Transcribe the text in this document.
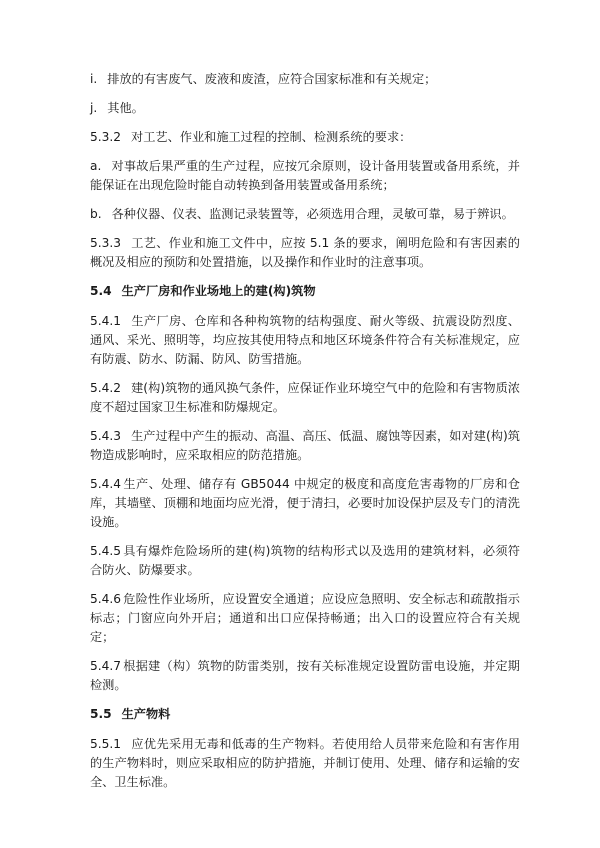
i. 排放的有害废气、废液和废渣，应符合国家标准和有关规定；

j. 其他。

5.3.2 对工艺、作业和施工过程的控制、检测系统的要求：

a. 对事故后果严重的生产过程，应按冗余原则，设计备用装置或备用系统，并能保证在出现危险时能自动转换到备用装置或备用系统；

b. 各种仪器、仪表、监测记录装置等，必须选用合理，灵敏可靠，易于辨识。

5.3.3 工艺、作业和施工文件中，应按 5.1 条的要求，阐明危险和有害因素的概况及相应的预防和处置措施，以及操作和作业时的注意事项。

5.4 生产厂房和作业场地上的建(构)筑物

5.4.1 生产厂房、仓库和各种构筑物的结构强度、耐火等级、抗震设防烈度、通风、采光、照明等，均应按其使用特点和地区环境条件符合有关标准规定，应有防震、防水、防漏、防风、防雪措施。

5.4.2 建(构)筑物的通风换气条件，应保证作业环境空气中的危险和有害物质浓度不超过国家卫生标准和防爆规定。

5.4.3 生产过程中产生的振动、高温、高压、低温、腐蚀等因素，如对建(构)筑物造成影响时，应采取相应的防范措施。

5.4.4 生产、处理、储存有 GB5044 中规定的极度和高度危害毒物的厂房和仓库，其墙壁、顶棚和地面均应光滑，便于清扫，必要时加设保护层及专门的清洗设施。

5.4.5 具有爆炸危险场所的建(构)筑物的结构形式以及选用的建筑材料，必须符合防火、防爆要求。

5.4.6 危险性作业场所，应设置安全通道；应设应急照明、安全标志和疏散指示标志；门窗应向外开启；通道和出口应保持畅通；出入口的设置应符合有关规定；

5.4.7 根据建（构）筑物的防雷类别，按有关标准规定设置防雷电设施，并定期检测。

5.5 生产物料

5.5.1 应优先采用无毒和低毒的生产物料。若使用给人员带来危险和有害作用的生产物料时，则应采取相应的防护措施，并制订使用、处理、储存和运输的安全、卫生标准。
